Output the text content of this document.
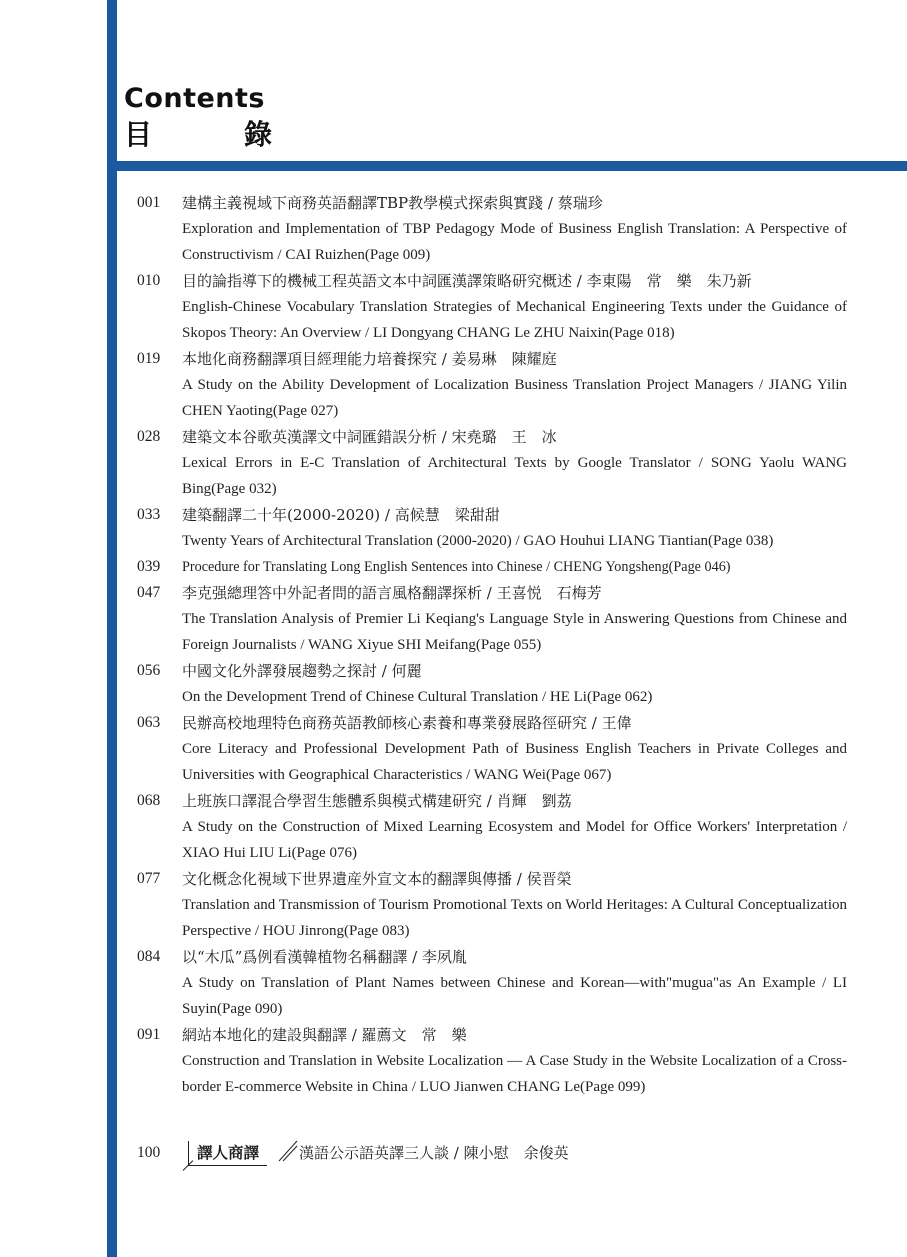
Contents
目	錄
001	建構主義視域下商務英語翻譯TBP教學模式探索與實踐 / 蔡瑞珍
Exploration and Implementation of TBP Pedagogy Mode of Business English Translation: A Perspective of Constructivism / CAI Ruizhen(Page 009)
010	目的論指導下的機械工程英語文本中詞匯漢譯策略研究概述 / 李東陽　常　樂　朱乃新
English-Chinese Vocabulary Translation Strategies of Mechanical Engineering Texts under the Guidance of Skopos Theory: An Overview / LI Dongyang CHANG Le ZHU Naixin(Page 018)
019	本地化商務翻譯項目經理能力培養探究 / 姜易琳　陳耀庭
A Study on the Ability Development of Localization Business Translation Project Managers / JIANG Yilin CHEN Yaoting(Page 027)
028	建築文本谷歌英漢譯文中詞匯錯誤分析 / 宋堯璐　王　冰
Lexical Errors in E-C Translation of Architectural Texts by Google Translator / SONG Yaolu WANG Bing(Page 032)
033	建築翻譯二十年(2000-2020) / 高候慧　梁甜甜
Twenty Years of Architectural Translation (2000-2020) / GAO Houhui LIANG Tiantian(Page 038)
039	Procedure for Translating Long English Sentences into Chinese / CHENG Yongsheng(Page 046)
047	李克强總理答中外記者問的語言風格翻譯探析 / 王喜悦　石梅芳
The Translation Analysis of Premier Li Keqiang's Language Style in Answering Questions from Chinese and Foreign Journalists / WANG Xiyue SHI Meifang(Page 055)
056	中國文化外譯發展趨勢之探討 / 何麗
On the Development Trend of Chinese Cultural Translation / HE Li(Page 062)
063	民辦高校地理特色商務英語教師核心素養和專業發展路徑研究 / 王偉
Core Literacy and Professional Development Path of Business English Teachers in Private Colleges and Universities with Geographical Characteristics / WANG Wei(Page 067)
068	上班族口譯混合學習生態體系與模式構建研究 / 肖輝　劉荔
A Study on the Construction of Mixed Learning Ecosystem and Model for Office Workers' Interpretation / XIAO Hui LIU Li(Page 076)
077	文化概念化視域下世界遺産外宣文本的翻譯與傳播 / 侯晋榮
Translation and Transmission of Tourism Promotional Texts on World Heritages: A Cultural Conceptualization Perspective / HOU Jinrong(Page 083)
084	以“木瓜”爲例看漢韓植物名稱翻譯 / 李夙胤
A Study on Translation of Plant Names between Chinese and Korean—with"mugua"as An Example / LI Suyin(Page 090)
091	網站本地化的建設與翻譯 / 羅薦文　常　樂
Construction and Translation in Website Localization — A Case Study in the Website Localization of a Cross-border E-commerce Website in China / LUO Jianwen CHANG Le(Page 099)
100	譯人商譯	漢語公示語英譯三人談 / 陳小慰　余俊英
